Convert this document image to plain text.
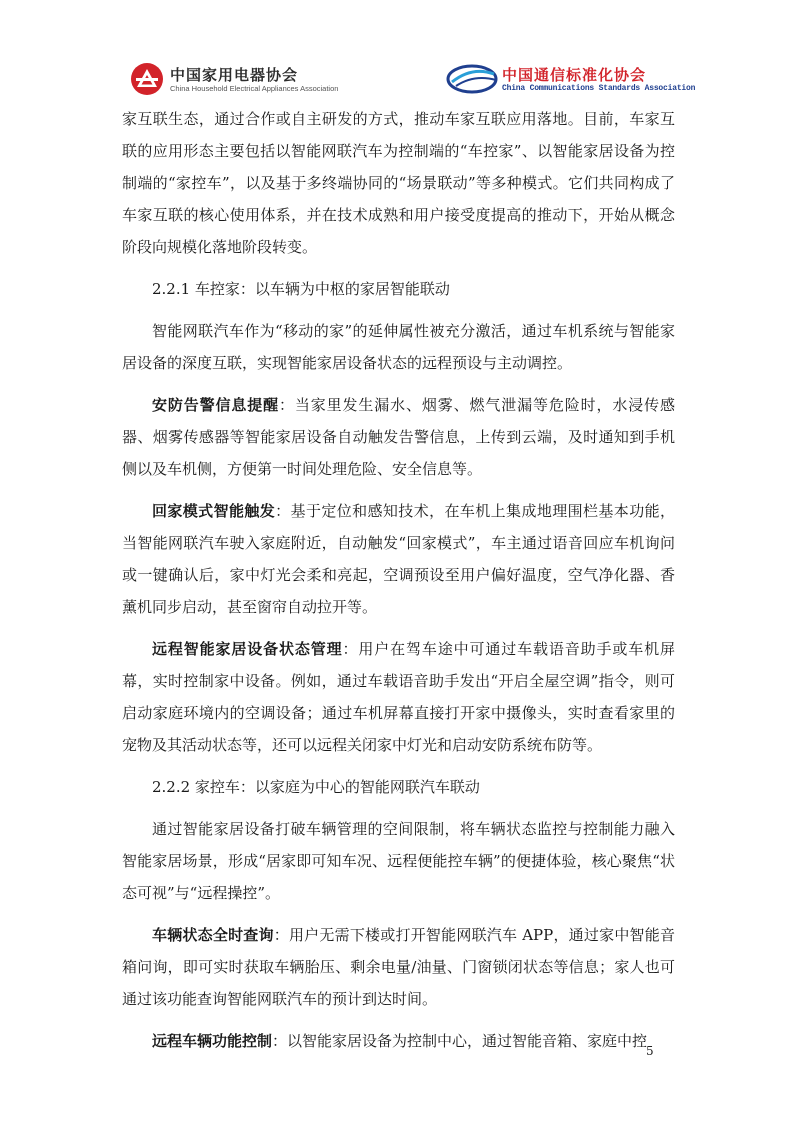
中国家用电器协会
China Household Electrical Appliances Association
中国通信标准化协会
China Communications Standards Association

家互联生态，通过合作或自主研发的方式，推动车家互联应用落地。目前，车家互联的应用形态主要包括以智能网联汽车为控制端的“车控家”、以智能家居设备为控制端的“家控车”，以及基于多终端协同的“场景联动”等多种模式。它们共同构成了车家互联的核心使用体系，并在技术成熟和用户接受度提高的推动下，开始从概念阶段向规模化落地阶段转变。

2.2.1 车控家：以车辆为中枢的家居智能联动

智能网联汽车作为“移动的家”的延伸属性被充分激活，通过车机系统与智能家居设备的深度互联，实现智能家居设备状态的远程预设与主动调控。

安防告警信息提醒：当家里发生漏水、烟雾、燃气泄漏等危险时，水浸传感器、烟雾传感器等智能家居设备自动触发告警信息，上传到云端，及时通知到手机侧以及车机侧，方便第一时间处理危险、安全信息等。

回家模式智能触发：基于定位和感知技术，在车机上集成地理围栏基本功能，当智能网联汽车驶入家庭附近，自动触发“回家模式”，车主通过语音回应车机询问或一键确认后，家中灯光会柔和亮起，空调预设至用户偏好温度，空气净化器、香薰机同步启动，甚至窗帘自动拉开等。

远程智能家居设备状态管理：用户在驾车途中可通过车载语音助手或车机屏幕，实时控制家中设备。例如，通过车载语音助手发出“开启全屋空调”指令，则可启动家庭环境内的空调设备；通过车机屏幕直接打开家中摄像头，实时查看家里的宠物及其活动状态等，还可以远程关闭家中灯光和启动安防系统布防等。

2.2.2 家控车：以家庭为中心的智能网联汽车联动

通过智能家居设备打破车辆管理的空间限制，将车辆状态监控与控制能力融入智能家居场景，形成“居家即可知车况、远程便能控车辆”的便捷体验，核心聚焦“状态可视”与“远程操控”。

车辆状态全时查询：用户无需下楼或打开智能网联汽车 APP，通过家中智能音箱问询，即可实时获取车辆胎压、剩余电量/油量、门窗锁闭状态等信息；家人也可通过该功能查询智能网联汽车的预计到达时间。

远程车辆功能控制：以智能家居设备为控制中心，通过智能音箱、家庭中控

5
